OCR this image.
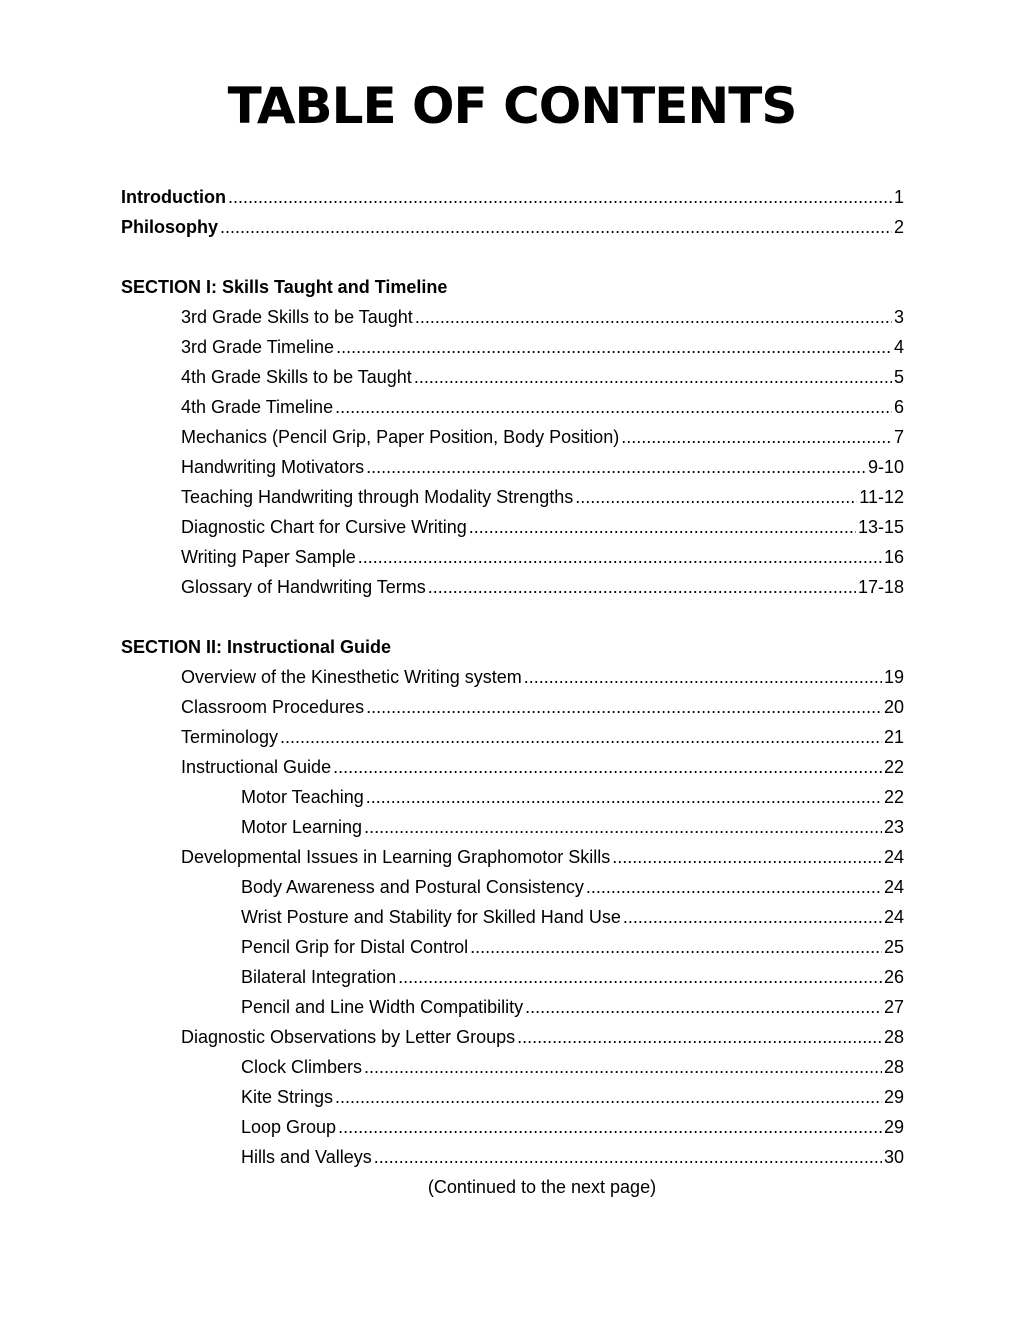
TABLE OF CONTENTS
Introduction .....	1
Philosophy .....	2
SECTION I: Skills Taught and Timeline
3rd Grade Skills to be Taught .....	3
3rd Grade Timeline .....	4
4th Grade Skills to be Taught .....	5
4th Grade Timeline .....	6
Mechanics (Pencil Grip, Paper Position, Body Position) .....	7
Handwriting Motivators .....	9-10
Teaching Handwriting through Modality Strengths .....	11-12
Diagnostic Chart for Cursive Writing .....	13-15
Writing Paper Sample .....	16
Glossary of Handwriting Terms .....	17-18
SECTION II: Instructional Guide
Overview of the Kinesthetic Writing system .....	19
Classroom Procedures .....	20
Terminology .....	21
Instructional Guide .....	22
Motor Teaching .....	22
Motor Learning .....	23
Developmental Issues in Learning Graphomotor Skills .....	24
Body Awareness and Postural Consistency .....	24
Wrist Posture and Stability for Skilled Hand Use .....	24
Pencil Grip for Distal Control .....	25
Bilateral Integration .....	26
Pencil and Line Width Compatibility .....	27
Diagnostic Observations by Letter Groups .....	28
Clock Climbers .....	28
Kite Strings .....	29
Loop Group .....	29
Hills and Valleys .....	30
(Continued to the next page)
